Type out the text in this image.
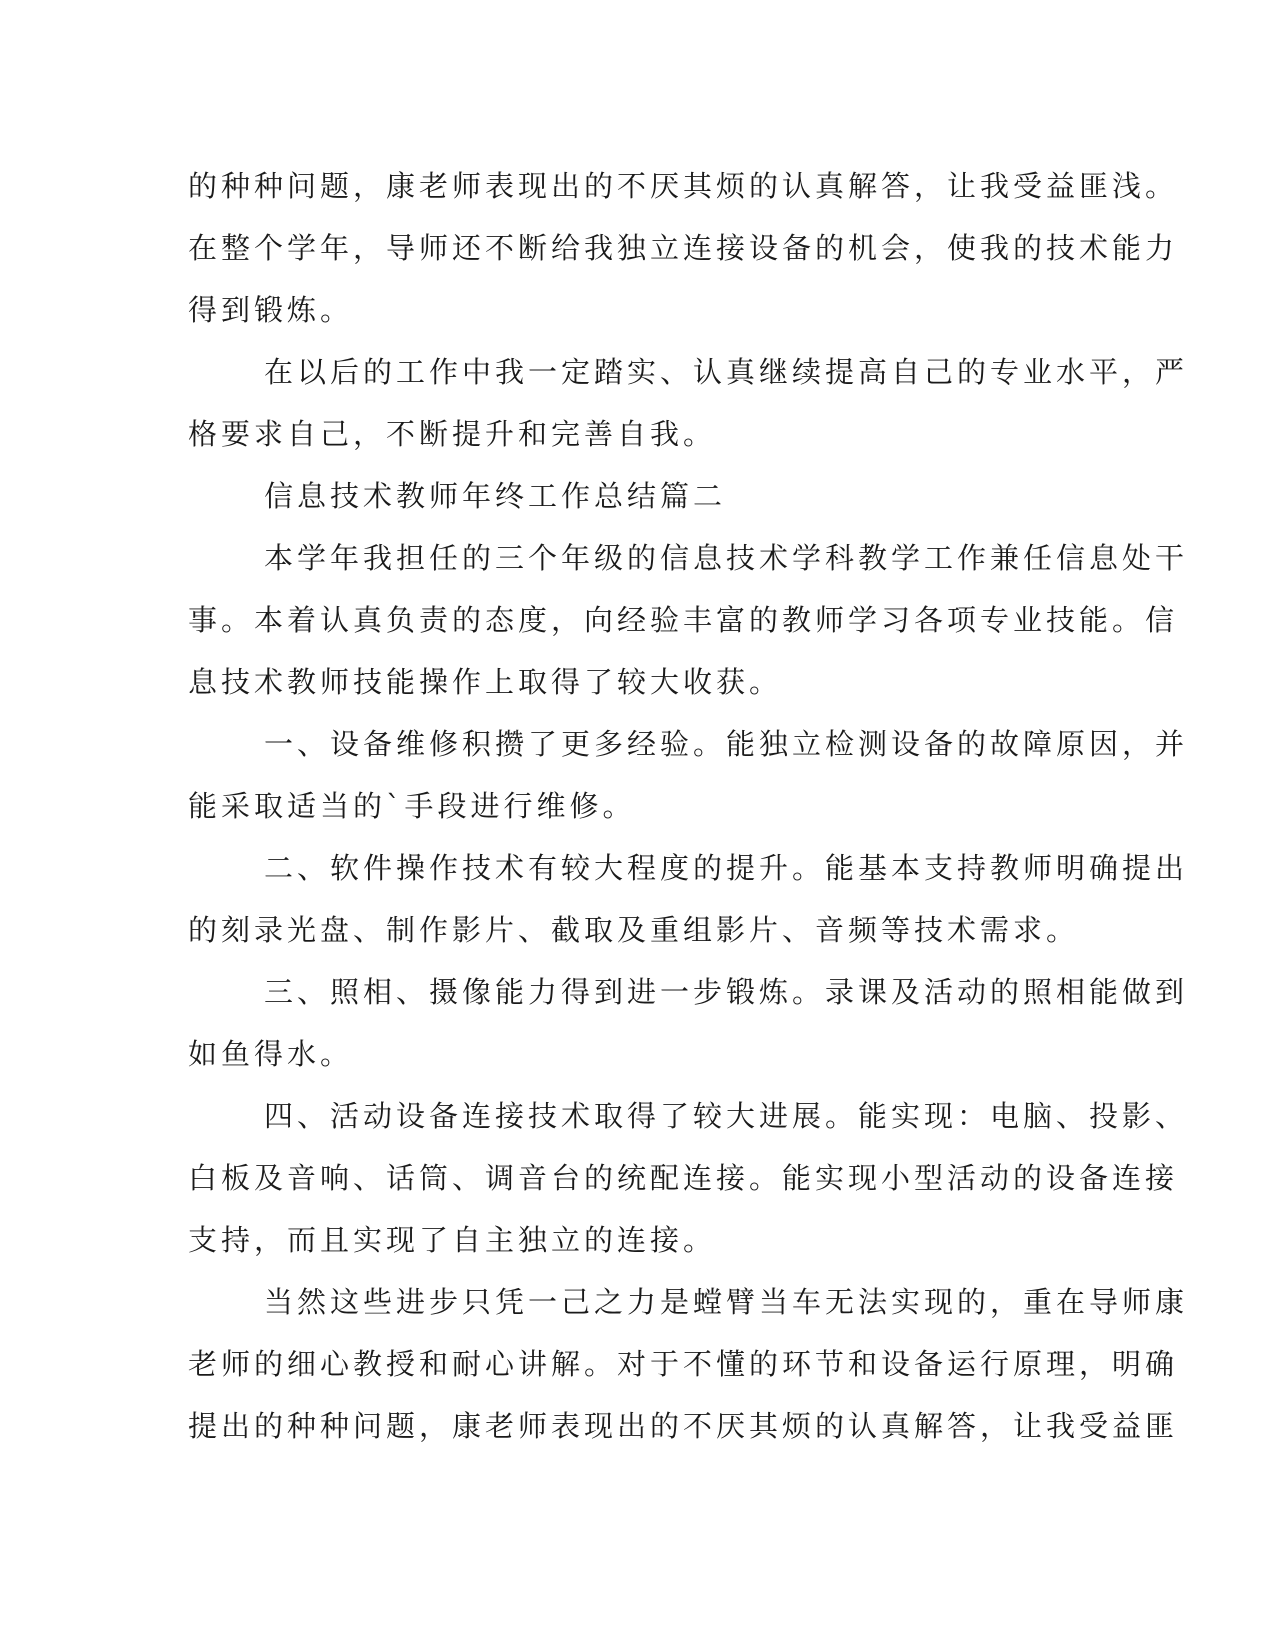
的种种问题，康老师表现出的不厌其烦的认真解答，让我受益匪浅。
在整个学年，导师还不断给我独立连接设备的机会，使我的技术能力
得到锻炼。
在以后的工作中我一定踏实、认真继续提高自己的专业水平，严
格要求自己，不断提升和完善自我。
信息技术教师年终工作总结篇二
本学年我担任的三个年级的信息技术学科教学工作兼任信息处干
事。本着认真负责的态度，向经验丰富的教师学习各项专业技能。信
息技术教师技能操作上取得了较大收获。
一、设备维修积攒了更多经验。能独立检测设备的故障原因，并
能采取适当的`手段进行维修。
二、软件操作技术有较大程度的提升。能基本支持教师明确提出
的刻录光盘、制作影片、截取及重组影片、音频等技术需求。
三、照相、摄像能力得到进一步锻炼。录课及活动的照相能做到
如鱼得水。
四、活动设备连接技术取得了较大进展。能实现：电脑、投影、
白板及音响、话筒、调音台的统配连接。能实现小型活动的设备连接
支持，而且实现了自主独立的连接。
当然这些进步只凭一己之力是螳臂当车无法实现的，重在导师康
老师的细心教授和耐心讲解。对于不懂的环节和设备运行原理，明确
提出的种种问题，康老师表现出的不厌其烦的认真解答，让我受益匪
